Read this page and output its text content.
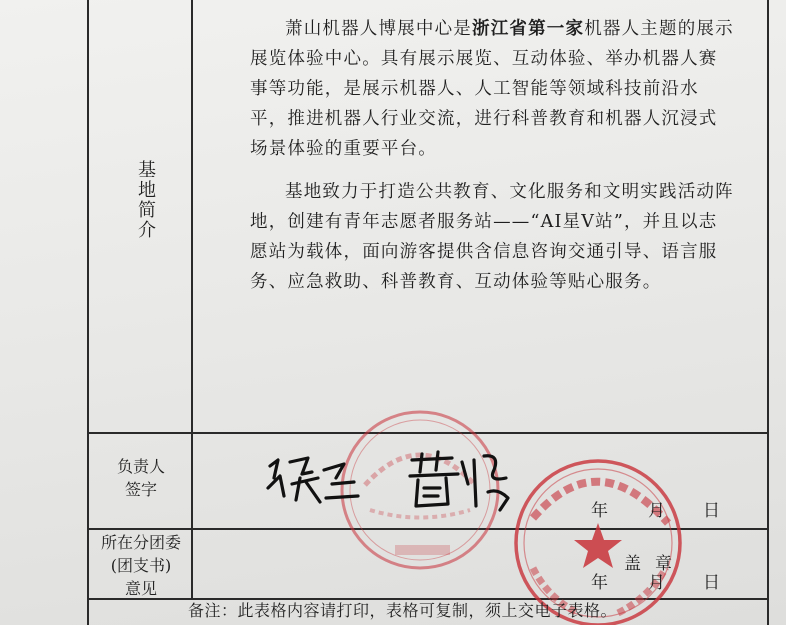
基地简介

萧山机器人博展中心是浙江省第一家机器人主题的展示展览体验中心。具有展示展览、互动体验、举办机器人赛事等功能，是展示机器人、人工智能等领域科技前沿水平，推进机器人行业交流，进行科普教育和机器人沉浸式场景体验的重要平台。

基地致力于打造公共教育、文化服务和文明实践活动阵地，创建有青年志愿者服务站——“AI星V站”，并且以志愿站为载体，面向游客提供含信息咨询交通引导、语言服务、应急救助、科普教育、互动体验等贴心服务。

负责人
签字
所在分团委
(团支书)
意见
年 月 日
盖章
年 月 日
备注：此表格内容请打印，表格可复制，须上交电子表格。
